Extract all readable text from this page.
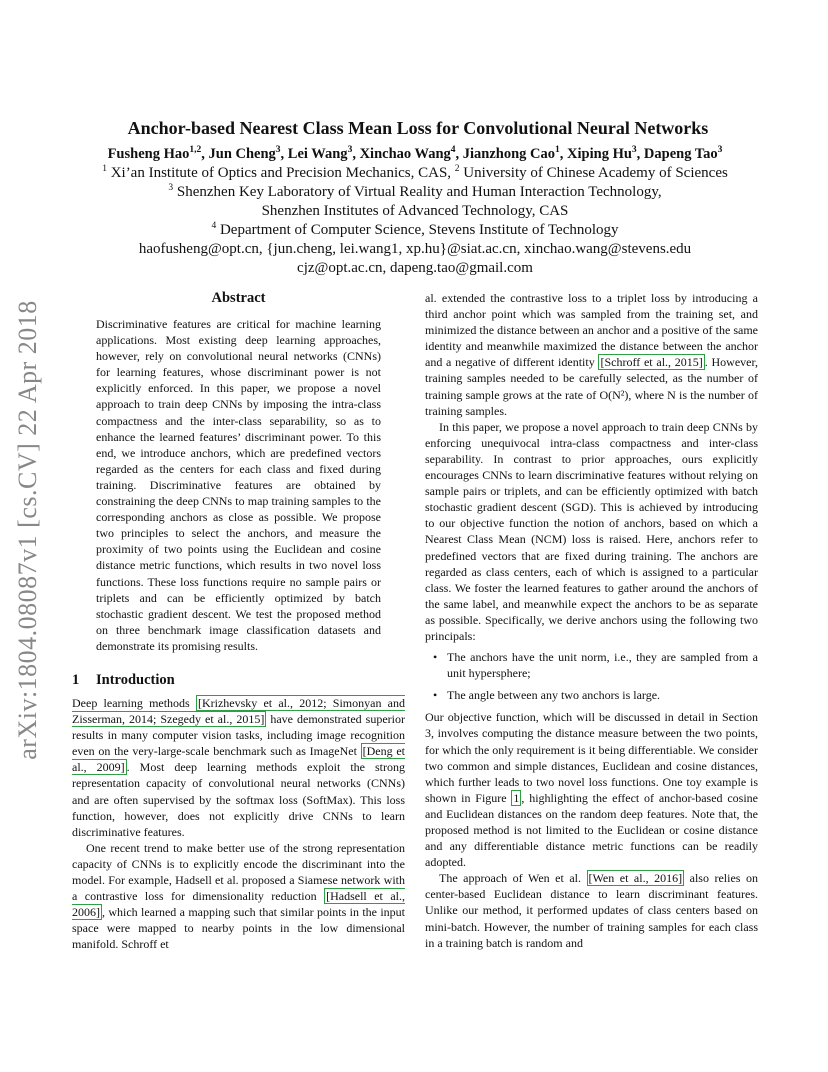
arXiv:1804.08087v1 [cs.CV] 22 Apr 2018
Anchor-based Nearest Class Mean Loss for Convolutional Neural Networks
Fusheng Hao$^{1,2}$, Jun Cheng$^3$, Lei Wang$^3$, Xinchao Wang$^4$, Jianzhong Cao$^1$, Xiping Hu$^3$, Dapeng Tao$^3$
$^1$ Xi’an Institute of Optics and Precision Mechanics, CAS, $^2$ University of Chinese Academy of Sciences
$^3$ Shenzhen Key Laboratory of Virtual Reality and Human Interaction Technology,
Shenzhen Institutes of Advanced Technology, CAS
$^4$ Department of Computer Science, Stevens Institute of Technology
haofusheng@opt.cn, {jun.cheng, lei.wang1, xp.hu}@siat.ac.cn, xinchao.wang@stevens.edu
cjz@opt.ac.cn, dapeng.tao@gmail.com
Abstract

Discriminative features are critical for machine learning applications. Most existing deep learning approaches, however, rely on convolutional neural networks (CNNs) for learning features, whose discriminant power is not explicitly enforced. In this paper, we propose a novel approach to train deep CNNs by imposing the intra-class compactness and the inter-class separability, so as to enhance the learned features’ discriminant power. To this end, we introduce anchors, which are predefined vectors regarded as the centers for each class and fixed during training. Discriminative features are obtained by constraining the deep CNNs to map training samples to the corresponding anchors as close as possible. We propose two principles to select the anchors, and measure the proximity of two points using the Euclidean and cosine distance metric functions, which results in two novel loss functions. These loss functions require no sample pairs or triplets and can be efficiently optimized by batch stochastic gradient descent. We test the proposed method on three benchmark image classification datasets and demonstrate its promising results.

1 Introduction

Deep learning methods [Krizhevsky et al., 2012; Simonyan and Zisserman, 2014; Szegedy et al., 2015] have demonstrated superior results in many computer vision tasks, including image recognition even on the very-large-scale benchmark such as ImageNet [Deng et al., 2009] . Most deep learning methods exploit the strong representation capacity of convolutional neural networks (CNNs) and are often supervised by the softmax loss (SoftMax). This loss function, however, does not explicitly drive CNNs to learn discriminative features.

One recent trend to make better use of the strong representation capacity of CNNs is to explicitly encode the discriminant into the model. For example, Hadsell et al. proposed a Siamese network with a contrastive loss for dimensionality reduction [Hadsell et al., 2006] , which learned a mapping such that similar points in the input space were mapped to nearby points in the low dimensional manifold. Schroff et

al. extended the contrastive loss to a triplet loss by introducing a third anchor point which was sampled from the training set, and minimized the distance between an anchor and a positive of the same identity and meanwhile maximized the distance between the anchor and a negative of different identity [Schroff et al., 2015] . However, training samples needed to be carefully selected, as the number of training sample grows at the rate of O(N²), where N is the number of training samples.

In this paper, we propose a novel approach to train deep CNNs by enforcing unequivocal intra-class compactness and inter-class separability. In contrast to prior approaches, ours explicitly encourages CNNs to learn discriminative features without relying on sample pairs or triplets, and can be efficiently optimized with batch stochastic gradient descent (SGD). This is achieved by introducing to our objective function the notion of anchors, based on which a Nearest Class Mean (NCM) loss is raised. Here, anchors refer to predefined vectors that are fixed during training. The anchors are regarded as class centers, each of which is assigned to a particular class. We foster the learned features to gather around the anchors of the same label, and meanwhile expect the anchors to be as separate as possible. Specifically, we derive anchors using the following two principals:

• The anchors have the unit norm, i.e., they are sampled from a unit hypersphere;
• The angle between any two anchors is large.

Our objective function, which will be discussed in detail in Section 3, involves computing the distance measure between the two points, for which the only requirement is it being differentiable. We consider two common and simple distances, Euclidean and cosine distances, which further leads to two novel loss functions. One toy example is shown in Figure 1 , highlighting the effect of anchor-based cosine and Euclidean distances on the random deep features. Note that, the proposed method is not limited to the Euclidean or cosine distance and any differentiable distance metric functions can be readily adopted.

The approach of Wen et al. [Wen et al., 2016] also relies on center-based Euclidean distance to learn discriminant features. Unlike our method, it performed updates of class centers based on mini-batch. However, the number of training samples for each class in a training batch is random and
